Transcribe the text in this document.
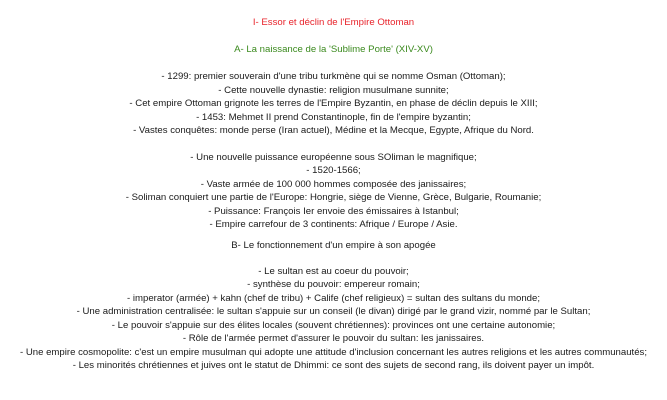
I- Essor et déclin de l'Empire Ottoman
A- La naissance de la 'Sublime Porte' (XIV-XV)
- 1299: premier souverain d'une tribu turkmène qui se nomme Osman (Ottoman);
- Cette nouvelle dynastie: religion musulmane sunnite;
- Cet empire Ottoman grignote les terres de l'Empire Byzantin, en phase de déclin depuis le XIII;
- 1453: Mehmet II prend Constantinople, fin de l'empire byzantin;
- Vastes conquêtes: monde perse (Iran actuel), Médine et la Mecque, Egypte, Afrique du Nord.
- Une nouvelle puissance européenne sous SOliman le magnifique;
- 1520-1566;
- Vaste armée de 100 000 hommes composée des janissaires;
- Soliman conquiert une partie de l'Europe: Hongrie, siège de Vienne, Grèce, Bulgarie, Roumanie;
- Puissance: François Ier envoie des émissaires à Istanbul;
- Empire carrefour de 3 continents: Afrique / Europe / Asie.
B- Le fonctionnement d'un empire à son apogée
- Le sultan est au coeur du pouvoir;
- synthèse du pouvoir: empereur romain;
- imperator (armée) + kahn (chef de tribu) + Calife (chef religieux) = sultan des sultans du monde;
- Une administration centralisée: le sultan s'appuie sur un conseil (le divan) dirigé par le grand vizir, nommé par le Sultan;
- Le pouvoir s'appuie sur des élites locales (souvent chrétiennes): provinces ont une certaine autonomie;
- Rôle de l'armée permet d'assurer le pouvoir du sultan: les janissaires.
- Une empire cosmopolite: c'est un empire musulman qui adopte une attitude d'inclusion concernant les autres religions et les autres communautés;
- Les minorités chrétiennes et juives ont le statut de Dhimmi: ce sont des sujets de second rang, ils doivent payer un impôt.
